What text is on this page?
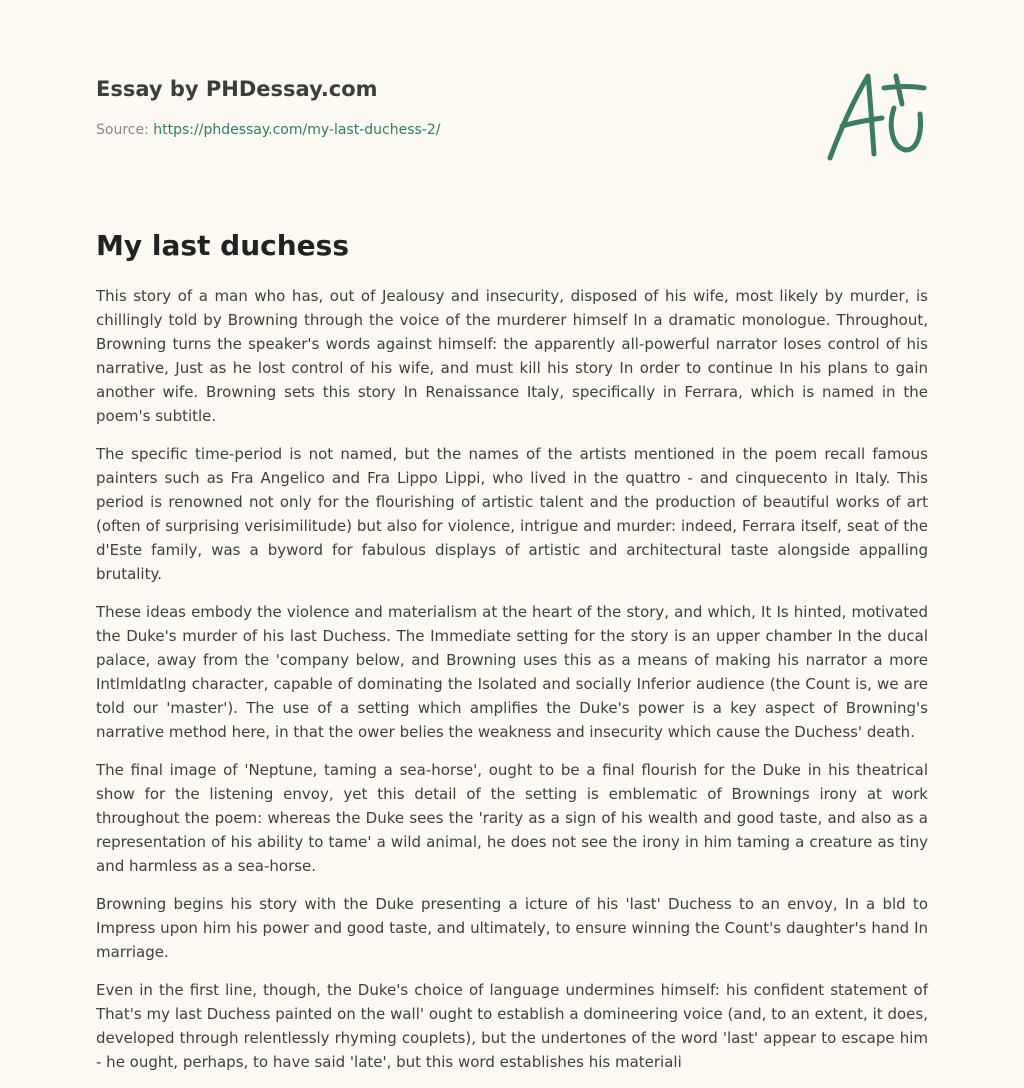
Essay by PHDessay.com
Source: https://phdessay.com/my-last-duchess-2/
My last duchess

This story of a man who has, out of Jealousy and insecurity, disposed of his wife, most likely by murder, is chillingly told by Browning through the voice of the murderer himself In a dramatic monologue. Throughout, Browning turns the speaker's words against himself: the apparently all-powerful narrator loses control of his narrative, Just as he lost control of his wife, and must kill his story In order to continue In his plans to gain another wife. Browning sets this story In Renaissance Italy, specifically in Ferrara, which is named in the poem's subtitle.

The specific time-period is not named, but the names of the artists mentioned in the poem recall famous painters such as Fra Angelico and Fra Lippo Lippi, who lived in the quattro - and cinquecento in Italy. This period is renowned not only for the flourishing of artistic talent and the production of beautiful works of art (often of surprising verisimilitude) but also for violence, intrigue and murder: indeed, Ferrara itself, seat of the d'Este family, was a byword for fabulous displays of artistic and architectural taste alongside appalling brutality.

These ideas embody the violence and materialism at the heart of the story, and which, It Is hinted, motivated the Duke's murder of his last Duchess. The Immediate setting for the story is an upper chamber In the ducal palace, away from the 'company below, and Browning uses this as a means of making his narrator a more Intlmldatlng character, capable of dominating the Isolated and socially Inferior audience (the Count is, we are told our 'master'). The use of a setting which amplifies the Duke's power is a key aspect of Browning's narrative method here, in that the ower belies the weakness and insecurity which cause the Duchess' death.

The final image of 'Neptune, taming a sea-horse', ought to be a final flourish for the Duke in his theatrical show for the listening envoy, yet this detail of the setting is emblematic of Brownings irony at work throughout the poem: whereas the Duke sees the 'rarity as a sign of his wealth and good taste, and also as a representation of his ability to tame' a wild animal, he does not see the irony in him taming a creature as tiny and harmless as a sea-horse.

Browning begins his story with the Duke presenting a icture of his 'last' Duchess to an envoy, In a bld to Impress upon him his power and good taste, and ultimately, to ensure winning the Count's daughter's hand In marriage.

Even in the first line, though, the Duke's choice of language undermines himself: his confident statement of That's my last Duchess painted on the wall' ought to establish a domineering voice (and, to an extent, it does, developed through relentlessly rhyming couplets), but the undertones of the word 'last' appear to escape him - he ought, perhaps, to have said 'late', but this word establishes his materiali
